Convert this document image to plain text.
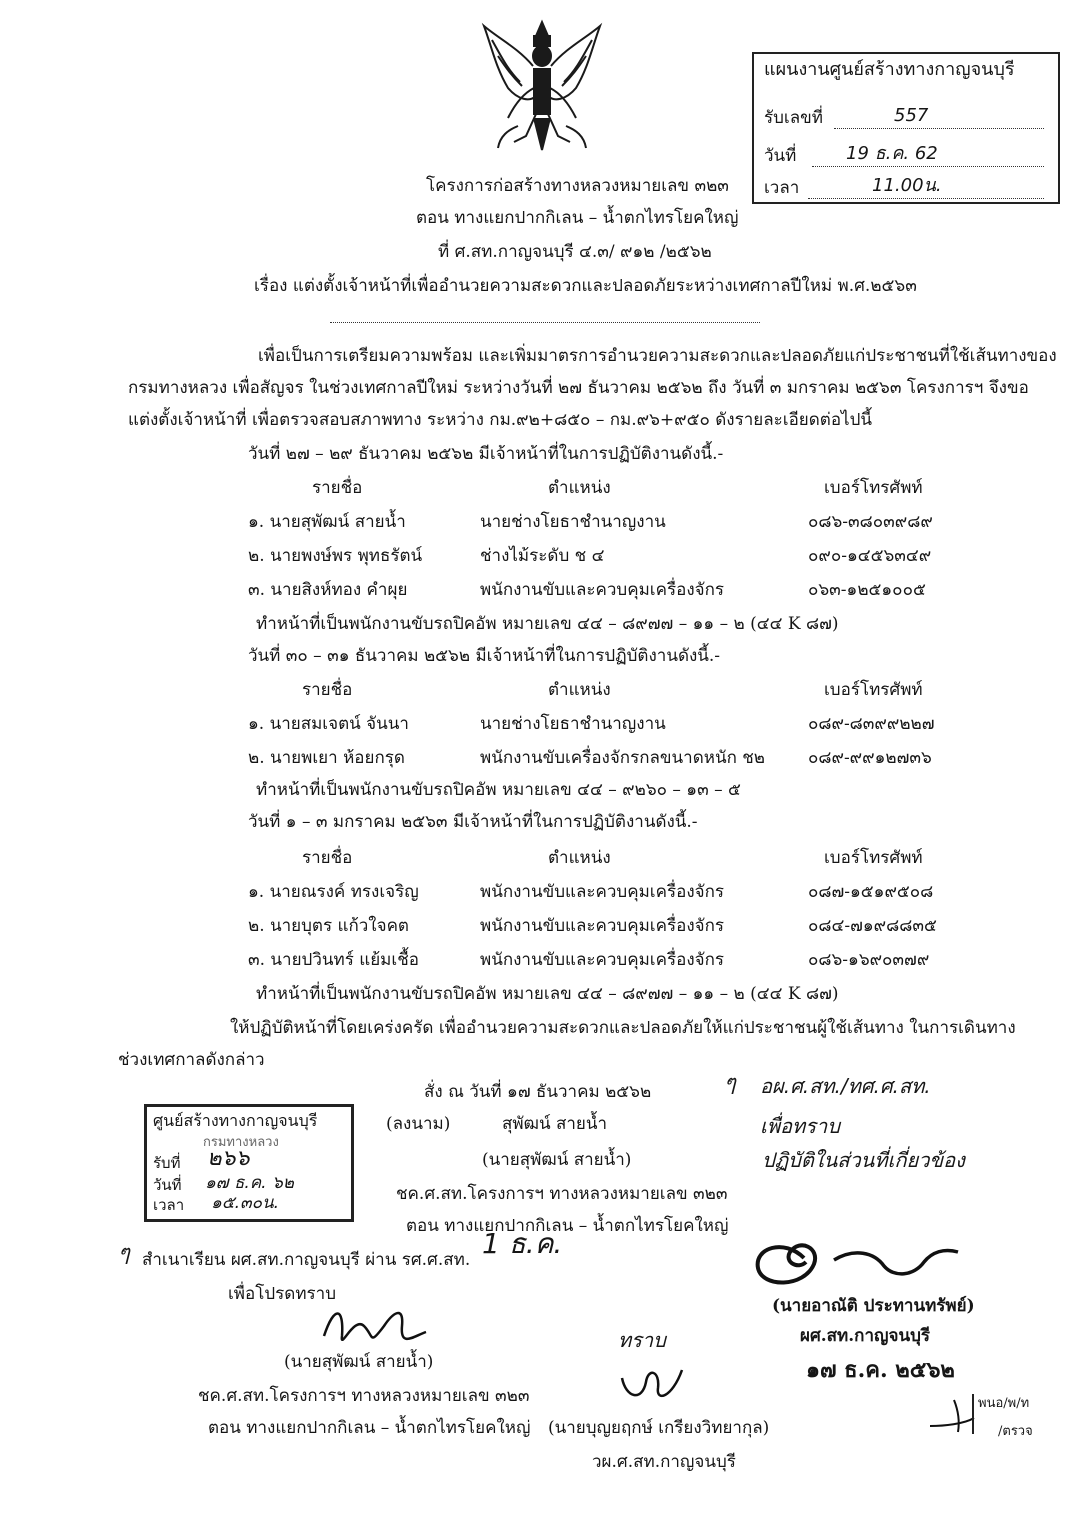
แผนงานศูนย์สร้างทางกาญจนบุรี
รับเลขที่	557
วันที่	19 ธ.ค. 62
เวลา	11.00น.
โครงการก่อสร้างทางหลวงหมายเลข ๓๒๓
ตอน ทางแยกปากกิเลน – น้ำตกไทรโยคใหญ่
ที่ ศ.สท.กาญจนบุรี ๔.๓/ ๙๑๒ /๒๕๖๒
เรื่อง แต่งตั้งเจ้าหน้าที่เพื่ออำนวยความสะดวกและปลอดภัยระหว่างเทศกาลปีใหม่ พ.ศ.๒๕๖๓
เพื่อเป็นการเตรียมความพร้อม และเพิ่มมาตรการอำนวยความสะดวกและปลอดภัยแก่ประชาชนที่ใช้เส้นทางของ
กรมทางหลวง เพื่อสัญจร ในช่วงเทศกาลปีใหม่ ระหว่างวันที่ ๒๗ ธันวาคม ๒๕๖๒ ถึง วันที่ ๓ มกราคม ๒๕๖๓ โครงการฯ จึงขอ
แต่งตั้งเจ้าหน้าที่ เพื่อตรวจสอบสภาพทาง ระหว่าง กม.๙๒+๘๕๐ – กม.๙๖+๙๕๐ ดังรายละเอียดต่อไปนี้
วันที่ ๒๗ – ๒๙ ธันวาคม ๒๕๖๒ มีเจ้าหน้าที่ในการปฏิบัติงานดังนี้.-
รายชื่อ	ตำแหน่ง	เบอร์โทรศัพท์
๑. นายสุพัฒน์ สายน้ำ	นายช่างโยธาชำนาญงาน	๐๘๖-๓๘๐๓๙๘๙
๒. นายพงษ์พร พุทธรัตน์	ช่างไม้ระดับ ช ๔	๐๙๐-๑๔๕๖๓๔๙
๓. นายสิงห์ทอง คำผุย	พนักงานขับและควบคุมเครื่องจักร	๐๖๓-๑๒๕๑๐๐๕
ทำหน้าที่เป็นพนักงานขับรถปิคอัพ หมายเลข ๔๔ – ๘๙๗๗ – ๑๑ – ๒ (๔๔ K ๘๗)
วันที่ ๓๐ – ๓๑ ธันวาคม ๒๕๖๒ มีเจ้าหน้าที่ในการปฏิบัติงานดังนี้.-
รายชื่อ	ตำแหน่ง	เบอร์โทรศัพท์
๑. นายสมเจตน์ จันนา	นายช่างโยธาชำนาญงาน	๐๘๙-๘๓๙๙๒๒๗
๒. นายพเยา ห้อยกรุด	พนักงานขับเครื่องจักรกลขนาดหนัก ช๒	๐๘๙-๙๙๑๒๗๓๖
ทำหน้าที่เป็นพนักงานขับรถปิคอัพ หมายเลข ๔๔ – ๙๒๖๐ – ๑๓ – ๕
วันที่ ๑ – ๓ มกราคม ๒๕๖๓ มีเจ้าหน้าที่ในการปฏิบัติงานดังนี้.-
รายชื่อ	ตำแหน่ง	เบอร์โทรศัพท์
๑. นายณรงค์ ทรงเจริญ	พนักงานขับและควบคุมเครื่องจักร	๐๘๗-๑๕๑๙๕๐๘
๒. นายบุตร แก้วใจคต	พนักงานขับและควบคุมเครื่องจักร	๐๘๔-๗๑๙๘๘๓๕
๓. นายปวินทร์ แย้มเชื้อ	พนักงานขับและควบคุมเครื่องจักร	๐๘๖-๑๖๙๐๓๗๙
ทำหน้าที่เป็นพนักงานขับรถปิคอัพ หมายเลข ๔๔ – ๘๙๗๗ – ๑๑ – ๒ (๔๔ K ๘๗)
ให้ปฏิบัติหน้าที่โดยเคร่งครัด เพื่ออำนวยความสะดวกและปลอดภัยให้แก่ประชาชนผู้ใช้เส้นทาง ในการเดินทาง
ช่วงเทศกาลดังกล่าว
สั่ง ณ วันที่ ๑๗ ธันวาคม ๒๕๖๒
(ลงนาม)	สุพัฒน์ สายน้ำ
(นายสุพัฒน์ สายน้ำ)
ชค.ศ.สท.โครงการฯ ทางหลวงหมายเลข ๓๒๓
ตอน ทางแยกปากกิเลน – น้ำตกไทรโยคใหญ่
ศูนย์สร้างทางกาญจนบุรี
กรมทางหลวง
รับที่ ๒๖๖
วันที่ ๑๗ ธ.ค. ๖๒
เวลา ๑๕.๓๐น.
ๆ สำเนาเรียน ผศ.สท.กาญจนบุรี ผ่าน รศ.ศ.สท. 1 ธ.ค.
เพื่อโปรดทราบ
(นายสุพัฒน์ สายน้ำ)
ชค.ศ.สท.โครงการฯ ทางหลวงหมายเลข ๓๒๓
ตอน ทางแยกปากกิเลน – น้ำตกไทรโยคใหญ่
ทราบ
(นายบุญยฤกษ์ เกรียงวิทยากุล)
วผ.ศ.สท.กาญจนบุรี
ๆ อผ.ศ.สท./ทศ.ศ.สท.
เพื่อทราบ
ปฏิบัติในส่วนที่เกี่ยวข้อง
(นายอาณัติ ประทานทรัพย์)
ผศ.สท.กาญจนบุรี
๑๗ ธ.ค. ๒๕๖๒
พนอ/พ/ท
/ตรวจ
